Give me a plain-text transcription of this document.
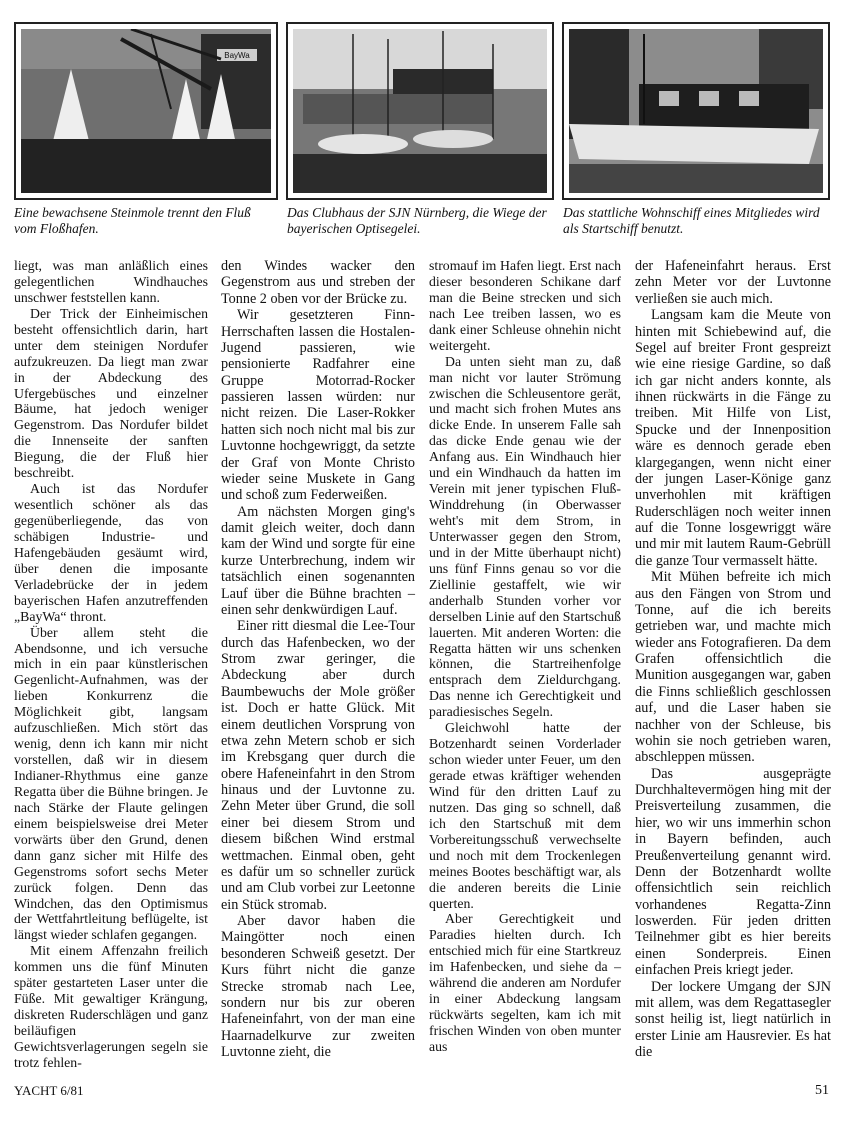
BayWa
Eine bewachsene Steinmole trennt den Fluß vom Floßhafen.
Das Clubhaus der SJN Nürnberg, die Wiege der bayerischen Optisegelei.
Das stattliche Wohnschiff eines Mitgliedes wird als Startschiff benutzt.

liegt, was man anläßlich eines gelegentlichen Windhauches unschwer feststellen kann.

Der Trick der Einheimischen besteht offensichtlich darin, hart unter dem steinigen Nordufer aufzukreuzen. Da liegt man zwar in der Abdeckung des Ufergebüsches und einzelner Bäume, hat jedoch weniger Gegenstrom. Das Nordufer bildet die Innenseite der sanften Biegung, die der Fluß hier beschreibt.

Auch ist das Nordufer wesentlich schöner als das gegenüberliegende, das von schäbigen Industrie- und Hafengebäuden gesäumt wird, über denen die imposante Verladebrücke der in jedem bayerischen Hafen anzutreffenden „BayWa“ thront.

Über allem steht die Abendsonne, und ich versuche mich in ein paar künstlerischen Gegenlicht-Aufnahmen, was der lieben Konkurrenz die Möglichkeit gibt, langsam aufzuschließen. Mich stört das wenig, denn ich kann mir nicht vorstellen, daß wir in diesem Indianer-Rhythmus eine ganze Regatta über die Bühne bringen. Je nach Stärke der Flaute gelingen einem beispielsweise drei Meter vorwärts über den Grund, denen dann ganz sicher mit Hilfe des Gegenstroms sofort sechs Meter zurück folgen. Denn das Windchen, das den Optimismus der Wettfahrtleitung beflügelte, ist längst wieder schlafen gegangen.

Mit einem Affenzahn freilich kommen uns die fünf Minuten später gestarteten Laser unter die Füße. Mit gewaltiger Krängung, diskreten Ruderschlägen und ganz beiläufigen Gewichtsverlagerungen segeln sie trotz fehlen-

den Windes wacker den Gegenstrom aus und streben der Tonne 2 oben vor der Brücke zu.

Wir gesetzteren Finn-Herrschaften lassen die Hostalen-Jugend passieren, wie pensionierte Radfahrer eine Gruppe Motorrad-Rocker passieren lassen würden: nur nicht reizen. Die Laser-Rokker hatten sich noch nicht mal bis zur Luvtonne hochgewriggt, da setzte der Graf von Monte Christo wieder seine Muskete in Gang und schoß zum Federweißen.

Am nächsten Morgen ging's damit gleich weiter, doch dann kam der Wind und sorgte für eine kurze Unterbrechung, indem wir tatsächlich einen sogenannten Lauf über die Bühne brachten – einen sehr denkwürdigen Lauf.

Einer ritt diesmal die Lee-Tour durch das Hafenbecken, wo der Strom zwar geringer, die Abdeckung aber durch Baumbewuchs der Mole größer ist. Doch er hatte Glück. Mit einem deutlichen Vorsprung von etwa zehn Metern schob er sich im Krebsgang quer durch die obere Hafeneinfahrt in den Strom hinaus und der Luvtonne zu. Zehn Meter über Grund, die soll einer bei diesem Strom und diesem bißchen Wind erstmal wettmachen. Einmal oben, geht es dafür um so schneller zurück und am Club vorbei zur Leetonne ein Stück stromab.

Aber davor haben die Maingötter noch einen besonderen Schweiß gesetzt. Der Kurs führt nicht die ganze Strecke stromab nach Lee, sondern nur bis zur oberen Hafeneinfahrt, von der man eine Haarnadelkurve zur zweiten Luvtonne zieht, die

stromauf im Hafen liegt. Erst nach dieser besonderen Schikane darf man die Beine strecken und sich nach Lee treiben lassen, wo es dank einer Schleuse ohnehin nicht weitergeht.

Da unten sieht man zu, daß man nicht vor lauter Strömung zwischen die Schleusentore gerät, und macht sich frohen Mutes ans dicke Ende. In unserem Falle sah das dicke Ende genau wie der Anfang aus. Ein Windhauch hier und ein Windhauch da hatten im Verein mit jener typischen Fluß-Winddrehung (in Oberwasser weht's mit dem Strom, in Unterwasser gegen den Strom, und in der Mitte überhaupt nicht) uns fünf Finns genau so vor die Ziellinie gestaffelt, wie wir anderhalb Stunden vorher vor derselben Linie auf den Startschuß lauerten. Mit anderen Worten: die Regatta hätten wir uns schenken können, die Startreihenfolge entsprach dem Zieldurchgang. Das nenne ich Gerechtigkeit und paradiesisches Segeln.

Gleichwohl hatte der Botzenhardt seinen Vorderlader schon wieder unter Feuer, um den gerade etwas kräftiger wehenden Wind für den dritten Lauf zu nutzen. Das ging so schnell, daß ich den Startschuß mit dem Vorbereitungsschuß verwechselte und noch mit dem Trockenlegen meines Bootes beschäftigt war, als die anderen bereits die Linie querten.

Aber Gerechtigkeit und Paradies hielten durch. Ich entschied mich für eine Startkreuz im Hafenbecken, und siehe da – während die anderen am Nordufer in einer Abdeckung langsam rückwärts segelten, kam ich mit frischen Winden von oben munter aus

der Hafeneinfahrt heraus. Erst zehn Meter vor der Luvtonne verließen sie auch mich.

Langsam kam die Meute von hinten mit Schiebewind auf, die Segel auf breiter Front gespreizt wie eine riesige Gardine, so daß ich gar nicht anders konnte, als ihnen rückwärts in die Fänge zu treiben. Mit Hilfe von List, Spucke und der Innenposition wäre es dennoch gerade eben klargegangen, wenn nicht einer der jungen Laser-Könige ganz unverhohlen mit kräftigen Ruderschlägen noch weiter innen auf die Tonne losgewriggt wäre und mir mit lautem Raum-Gebrüll die ganze Tour vermasselt hätte.

Mit Mühen befreite ich mich aus den Fängen von Strom und Tonne, auf die ich bereits getrieben war, und machte mich wieder ans Fotografieren. Da dem Grafen offensichtlich die Munition ausgegangen war, gaben die Finns schließlich geschlossen auf, und die Laser haben sie nachher von der Schleuse, bis wohin sie noch getrieben waren, abschleppen müssen.

Das ausgeprägte Durchhaltevermögen hing mit der Preisverteilung zusammen, die hier, wo wir uns immerhin schon in Bayern befinden, auch Preußenverteilung genannt wird. Denn der Botzenhardt wollte offensichtlich sein reichlich vorhandenes Regatta-Zinn loswerden. Für jeden dritten Teilnehmer gibt es hier bereits einen Sonderpreis. Einen einfachen Preis kriegt jeder.

Der lockere Umgang der SJN mit allem, was dem Regattasegler sonst heilig ist, liegt natürlich in erster Linie am Hausrevier. Es hat die

YACHT 6/81	51
